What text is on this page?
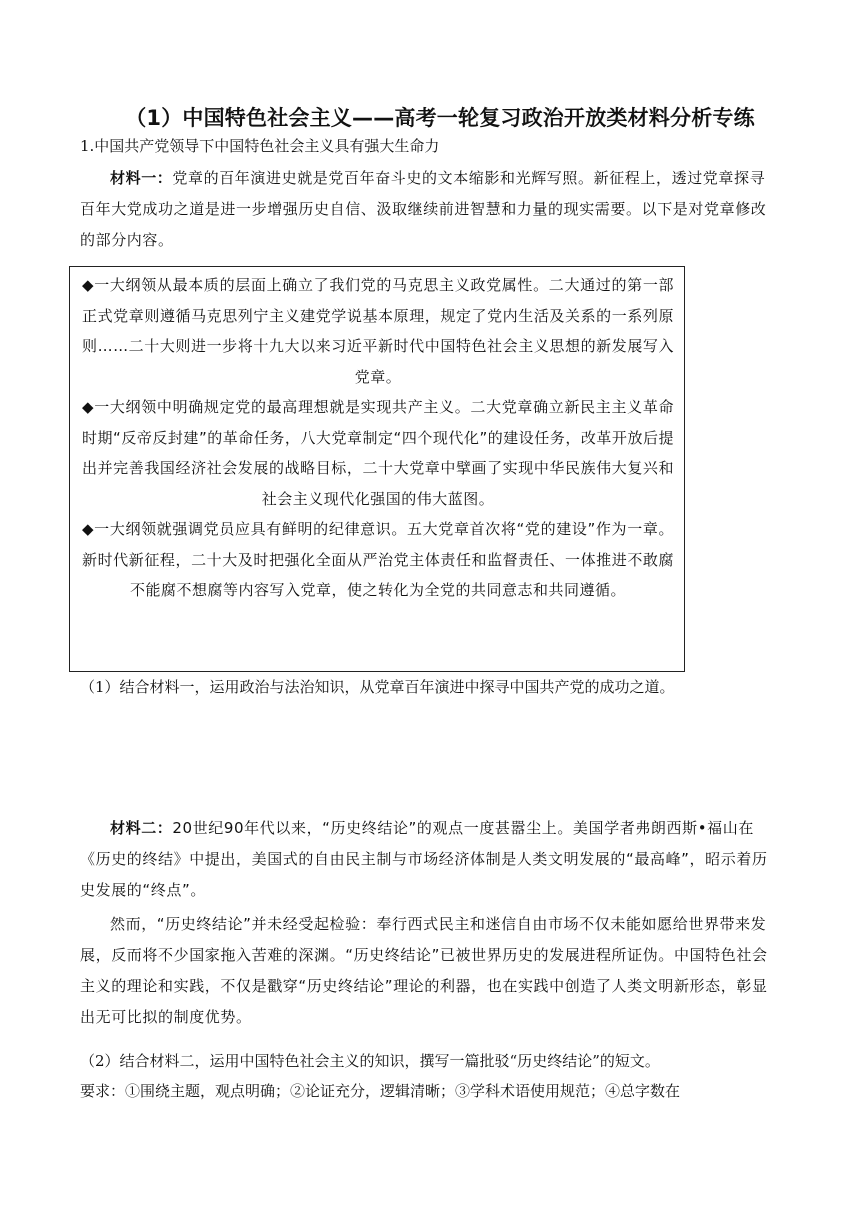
（1）中国特色社会主义——高考一轮复习政治开放类材料分析专练
1.中国共产党领导下中国特色社会主义具有强大生命力
材料一：党章的百年演进史就是党百年奋斗史的文本缩影和光辉写照。新征程上，透过党章探寻百年大党成功之道是进一步增强历史自信、汲取继续前进智慧和力量的现实需要。以下是对党章修改的部分内容。

◆一大纲领从最本质的层面上确立了我们党的马克思主义政党属性。二大通过的第一部正式党章则遵循马克思列宁主义建党学说基本原理，规定了党内生活及关系的一系列原则……二十大则进一步将十九大以来习近平新时代中国特色社会主义思想的新发展写入党章。

◆一大纲领中明确规定党的最高理想就是实现共产主义。二大党章确立新民主主义革命时期“反帝反封建”的革命任务，八大党章制定“四个现代化”的建设任务，改革开放后提出并完善我国经济社会发展的战略目标，二十大党章中擘画了实现中华民族伟大复兴和社会主义现代化强国的伟大蓝图。

◆一大纲领就强调党员应具有鲜明的纪律意识。五大党章首次将“党的建设”作为一章。新时代新征程，二十大及时把强化全面从严治党主体责任和监督责任、一体推进不敢腐不能腐不想腐等内容写入党章，使之转化为全党的共同意志和共同遵循。

（1）结合材料一，运用政治与法治知识，从党章百年演进中探寻中国共产党的成功之道。
材料二：20世纪90年代以来，“历史终结论”的观点一度甚嚣尘上。美国学者弗朗西斯•福山在《历史的终结》中提出，美国式的自由民主制与市场经济体制是人类文明发展的“最高峰”，昭示着历史发展的“终点”。
然而，“历史终结论”并未经受起检验：奉行西式民主和迷信自由市场不仅未能如愿给世界带来发展，反而将不少国家拖入苦难的深渊。“历史终结论”已被世界历史的发展进程所证伪。中国特色社会主义的理论和实践，不仅是戳穿“历史终结论”理论的利器，也在实践中创造了人类文明新形态，彰显出无可比拟的制度优势。
（2）结合材料二，运用中国特色社会主义的知识，撰写一篇批驳“历史终结论”的短文。
要求：①围绕主题，观点明确；②论证充分，逻辑清晰；③学科术语使用规范；④总字数在
